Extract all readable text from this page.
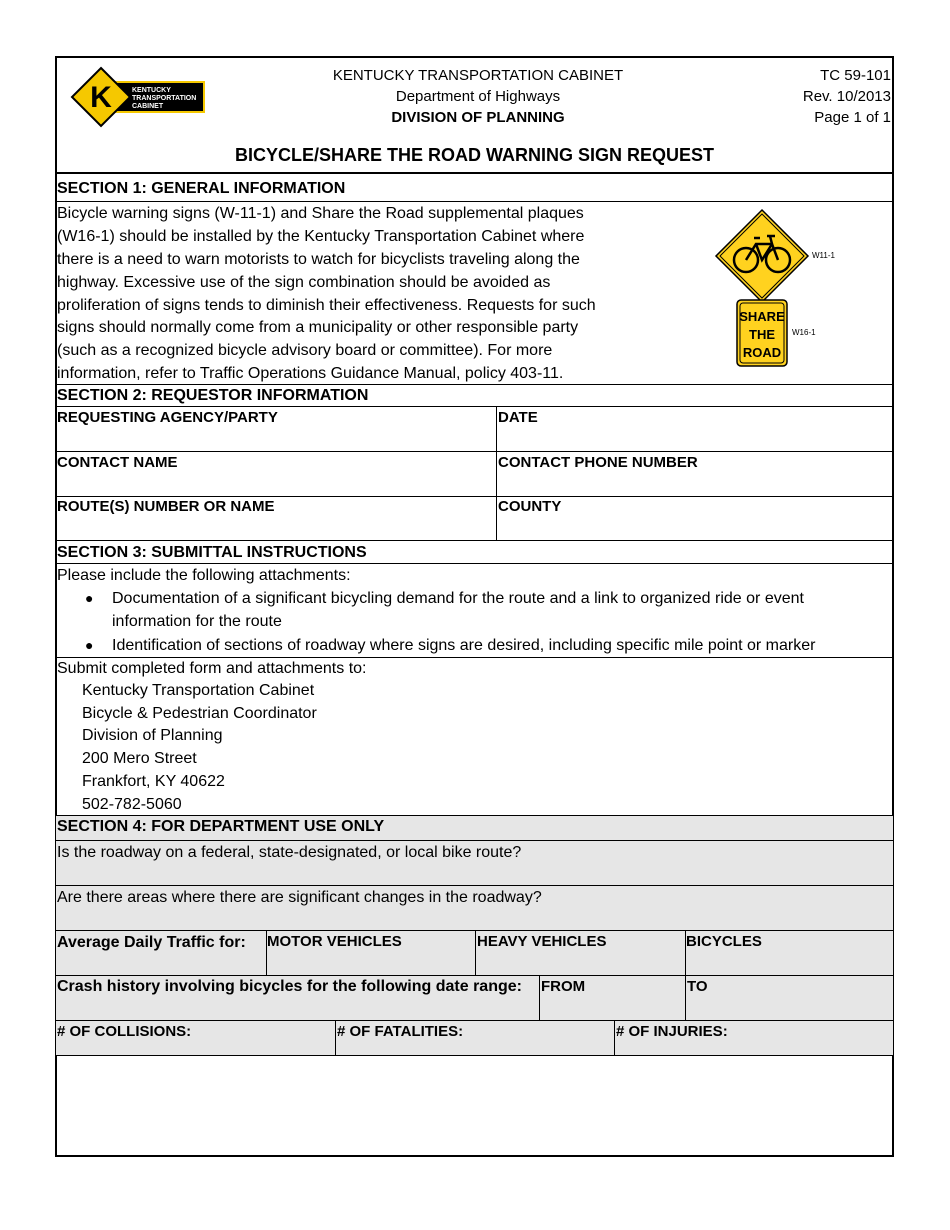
K	KENTUCKY
TRANSPORTATION
CABINET
KENTUCKY TRANSPORTATION CABINET
Department of Highways
DIVISION OF PLANNING
TC 59-101
Rev. 10/2013
Page 1 of 1
BICYCLE/SHARE THE ROAD WARNING SIGN REQUEST
SECTION 1: GENERAL INFORMATION
Bicycle warning signs (W-11-1) and Share the Road supplemental plaques
(W16-1) should be installed by the Kentucky Transportation Cabinet where
there is a need to warn motorists to watch for bicyclists traveling along the
highway. Excessive use of the sign combination should be avoided as
proliferation of signs tends to diminish their effectiveness. Requests for such
signs should normally come from a municipality or other responsible party
(such as a recognized bicycle advisory board or committee). For more
information, refer to Traffic Operations Guidance Manual, policy 403-11.
W11-1
SHARE
THE
ROAD
W16-1
SECTION 2: REQUESTOR INFORMATION
REQUESTING AGENCY/PARTY	DATE
CONTACT NAME	CONTACT PHONE NUMBER
ROUTE(S) NUMBER OR NAME	COUNTY
SECTION 3: SUBMITTAL INSTRUCTIONS
Please include the following attachments:
● Documentation of a significant bicycling demand for the route and a link to organized ride or event
information for the route
● Identification of sections of roadway where signs are desired, including specific mile point or marker
Submit completed form and attachments to:
Kentucky Transportation Cabinet
Bicycle & Pedestrian Coordinator
Division of Planning
200 Mero Street
Frankfort, KY 40622
502-782-5060
SECTION 4: FOR DEPARTMENT USE ONLY
Is the roadway on a federal, state-designated, or local bike route?
Are there areas where there are significant changes in the roadway?
Average Daily Traffic for: MOTOR VEHICLES	HEAVY VEHICLES	BICYCLES
Crash history involving bicycles for the following date range: FROM	TO
# OF COLLISIONS:	# OF FATALITIES:	# OF INJURIES:
